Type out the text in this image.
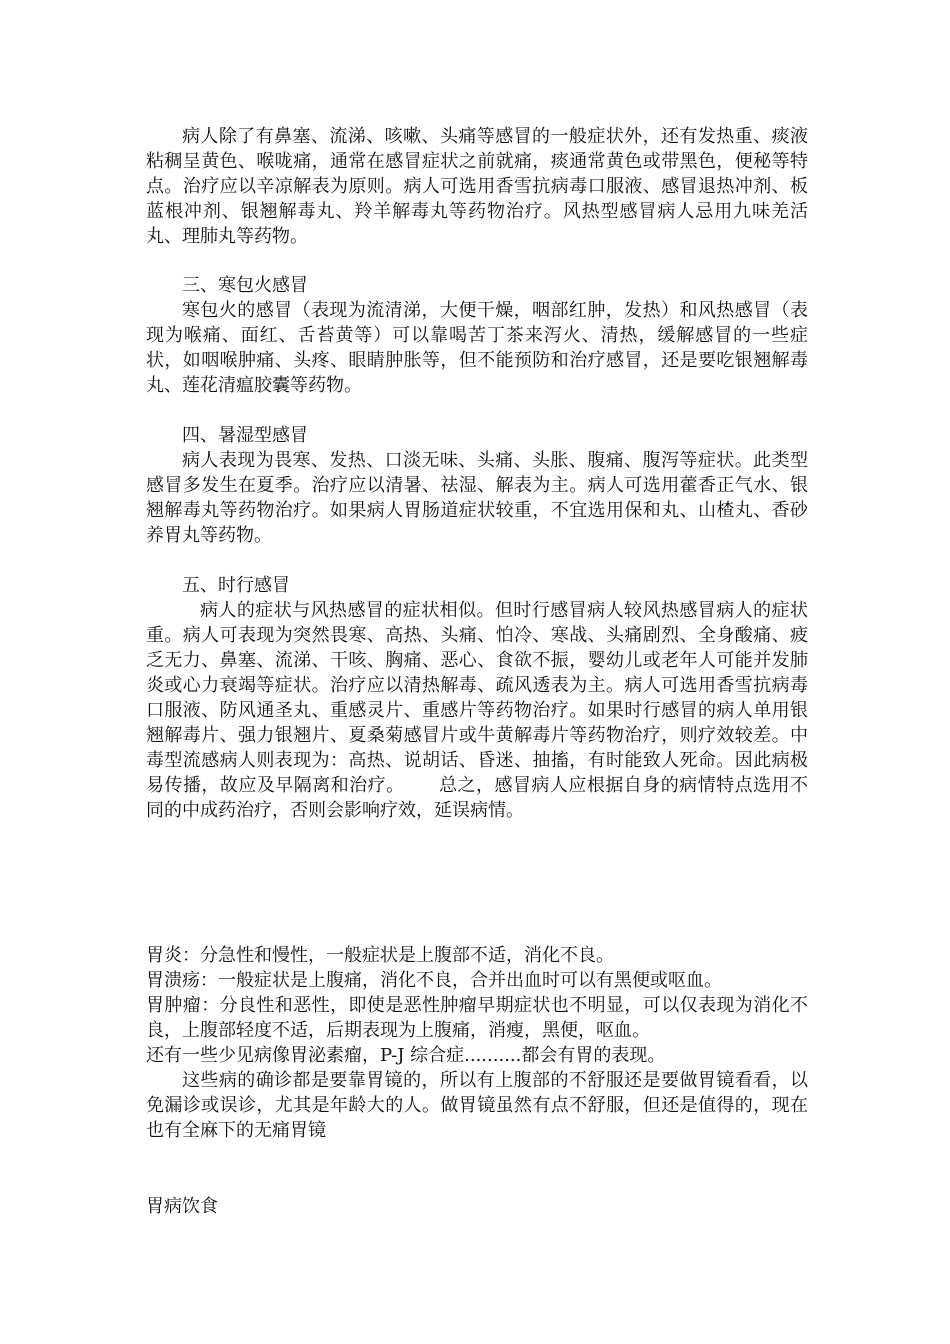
病人除了有鼻塞、流涕、咳嗽、头痛等感冒的一般症状外，还有发热重、痰液粘稠呈黄色、喉咙痛，通常在感冒症状之前就痛，痰通常黄色或带黑色，便秘等特点。治疗应以辛凉解表为原则。病人可选用香雪抗病毒口服液、感冒退热冲剂、板蓝根冲剂、银翘解毒丸、羚羊解毒丸等药物治疗。风热型感冒病人忌用九味羌活丸、理肺丸等药物。

三、寒包火感冒

寒包火的感冒（表现为流清涕，大便干燥，咽部红肿，发热）和风热感冒（表现为喉痛、面红、舌苔黄等）可以靠喝苦丁茶来泻火、清热，缓解感冒的一些症状，如咽喉肿痛、头疼、眼睛肿胀等，但不能预防和治疗感冒，还是要吃银翘解毒丸、莲花清瘟胶囊等药物。

四、暑湿型感冒

病人表现为畏寒、发热、口淡无味、头痛、头胀、腹痛、腹泻等症状。此类型感冒多发生在夏季。治疗应以清暑、祛湿、解表为主。病人可选用藿香正气水、银翘解毒丸等药物治疗。如果病人胃肠道症状较重，不宜选用保和丸、山楂丸、香砂养胃丸等药物。

五、时行感冒

病人的症状与风热感冒的症状相似。但时行感冒病人较风热感冒病人的症状重。病人可表现为突然畏寒、高热、头痛、怕冷、寒战、头痛剧烈、全身酸痛、疲乏无力、鼻塞、流涕、干咳、胸痛、恶心、食欲不振，婴幼儿或老年人可能并发肺炎或心力衰竭等症状。治疗应以清热解毒、疏风透表为主。病人可选用香雪抗病毒口服液、防风通圣丸、重感灵片、重感片等药物治疗。如果时行感冒的病人单用银翘解毒片、强力银翘片、夏桑菊感冒片或牛黄解毒片等药物治疗，则疗效较差。中毒型流感病人则表现为：高热、说胡话、昏迷、抽搐，有时能致人死命。因此病极易传播，故应及早隔离和治疗。 总之，感冒病人应根据自身的病情特点选用不同的中成药治疗，否则会影响疗效，延误病情。

胃炎：分急性和慢性，一般症状是上腹部不适，消化不良。

胃溃疡：一般症状是上腹痛，消化不良，合并出血时可以有黑便或呕血。

胃肿瘤：分良性和恶性，即使是恶性肿瘤早期症状也不明显，可以仅表现为消化不良，上腹部轻度不适，后期表现为上腹痛，消瘦，黑便，呕血。

还有一些少见病像胃泌素瘤，P-J 综合症..........都会有胃的表现。

这些病的确诊都是要靠胃镜的，所以有上腹部的不舒服还是要做胃镜看看，以免漏诊或误诊，尤其是年龄大的人。做胃镜虽然有点不舒服，但还是值得的，现在也有全麻下的无痛胃镜

胃病饮食
